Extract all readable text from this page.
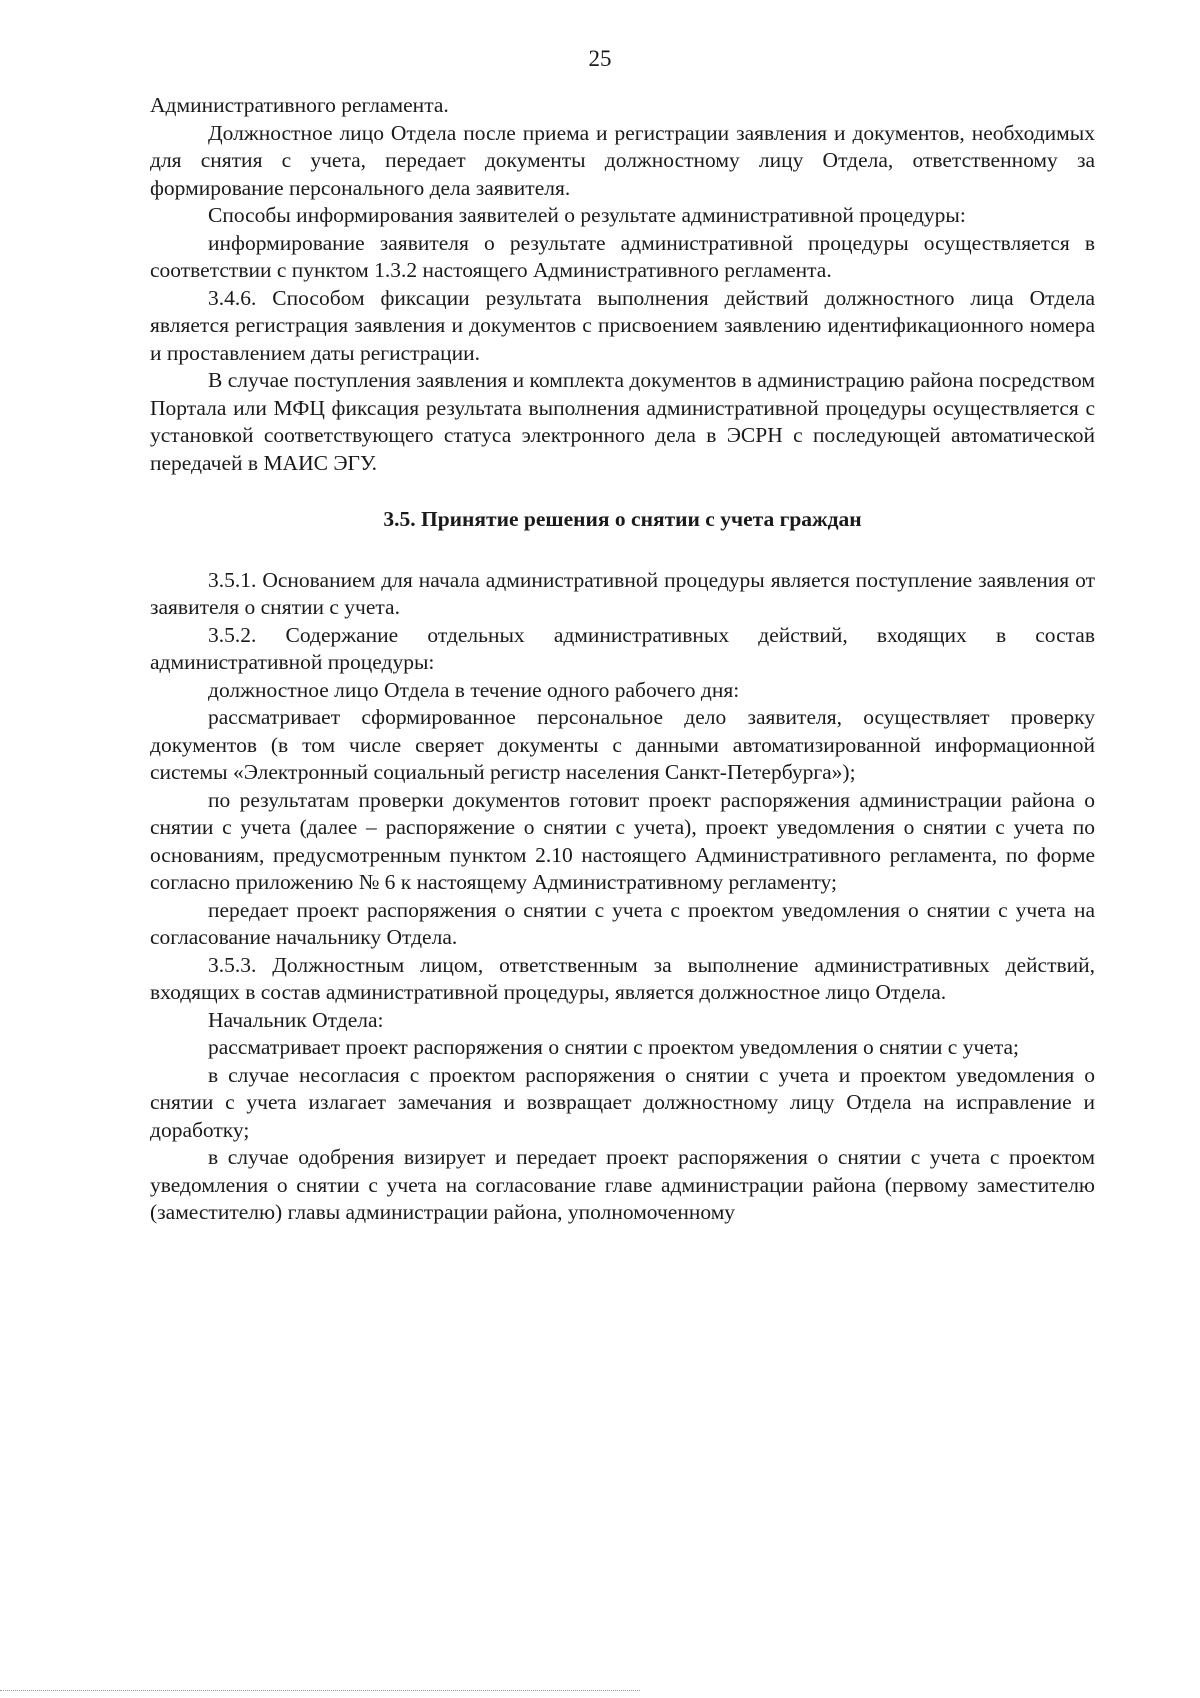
25

Административного регламента.

Должностное лицо Отдела после приема и регистрации заявления и документов, необходимых для снятия с учета, передает документы должностному лицу Отдела, ответственному за формирование персонального дела заявителя.

Способы информирования заявителей о результате административной процедуры:

информирование заявителя о результате административной процедуры осуществляется в соответствии с пунктом 1.3.2 настоящего Административного регламента.

3.4.6. Способом фиксации результата выполнения действий должностного лица Отдела является регистрация заявления и документов с присвоением заявлению идентификационного номера и проставлением даты регистрации.

В случае поступления заявления и комплекта документов в администрацию района посредством Портала или МФЦ фиксация результата выполнения административной процедуры осуществляется с установкой соответствующего статуса электронного дела в ЭСРН с последующей автоматической передачей в МАИС ЭГУ.

3.5. Принятие решения о снятии с учета граждан

3.5.1. Основанием для начала административной процедуры является поступление заявления от заявителя о снятии с учета.

3.5.2. Содержание отдельных административных действий, входящих в состав административной процедуры:

должностное лицо Отдела в течение одного рабочего дня:

рассматривает сформированное персональное дело заявителя, осуществляет проверку документов (в том числе сверяет документы с данными автоматизированной информационной системы «Электронный социальный регистр населения Санкт-Петербурга»);

по результатам проверки документов готовит проект распоряжения администрации района о снятии с учета (далее – распоряжение о снятии с учета), проект уведомления о снятии с учета по основаниям, предусмотренным пунктом 2.10 настоящего Административного регламента, по форме согласно приложению № 6 к настоящему Административному регламенту;

передает проект распоряжения о снятии с учета с проектом уведомления о снятии с учета на согласование начальнику Отдела.

3.5.3. Должностным лицом, ответственным за выполнение административных действий, входящих в состав административной процедуры, является должностное лицо Отдела.

Начальник Отдела:

рассматривает проект распоряжения о снятии с проектом уведомления о снятии с учета;

в случае несогласия с проектом распоряжения о снятии с учета и проектом уведомления о снятии с учета излагает замечания и возвращает должностному лицу Отдела на исправление и доработку;

в случае одобрения визирует и передает проект распоряжения о снятии с учета с проектом уведомления о снятии с учета на согласование главе администрации района (первому заместителю (заместителю) главы администрации района, уполномоченному
